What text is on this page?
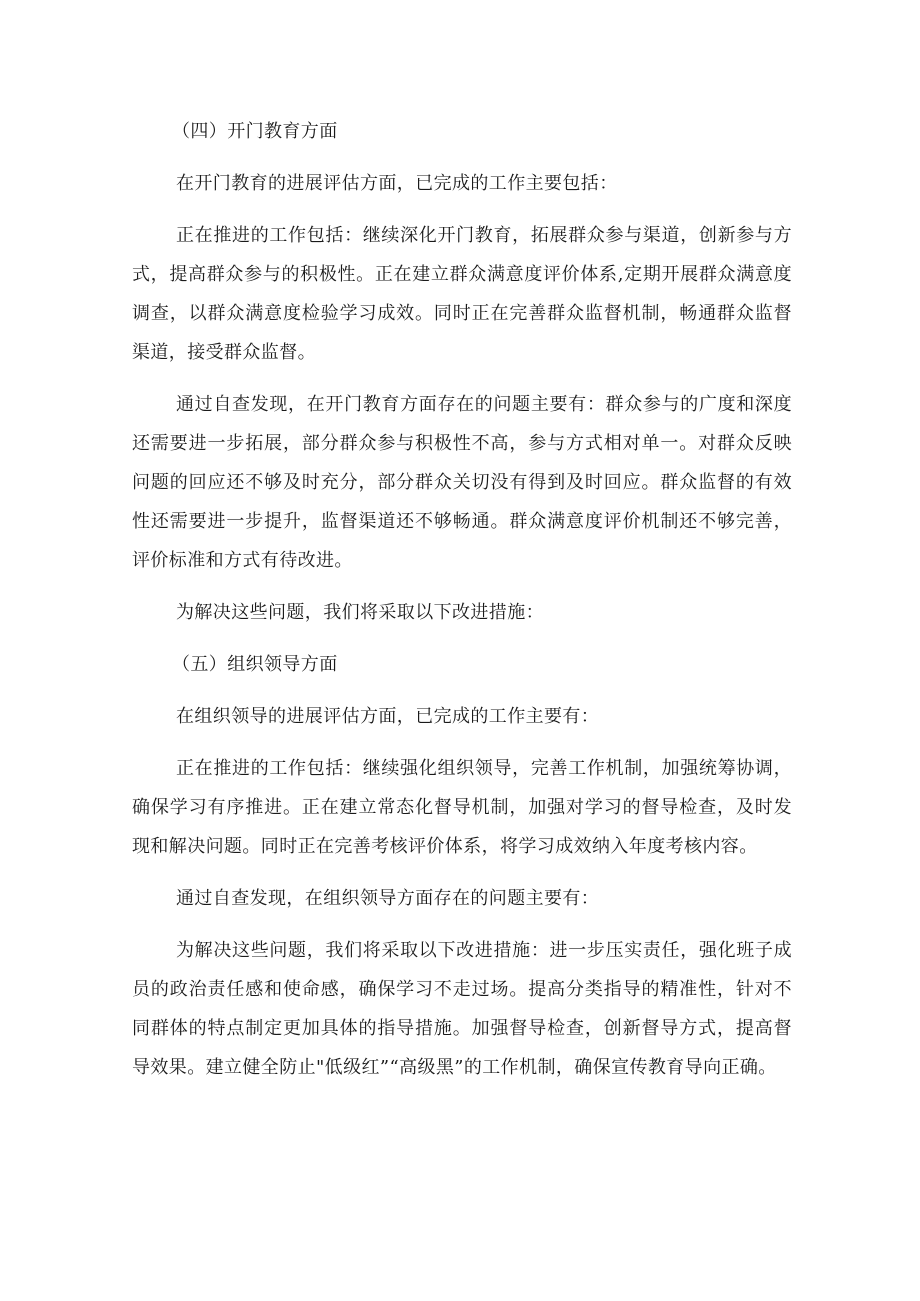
（四）开门教育方面

在开门教育的进展评估方面，已完成的工作主要包括：

正在推进的工作包括：继续深化开门教育，拓展群众参与渠道，创新参与方式，提高群众参与的积极性。正在建立群众满意度评价体系,定期开展群众满意度调查，以群众满意度检验学习成效。同时正在完善群众监督机制，畅通群众监督渠道，接受群众监督。

通过自查发现，在开门教育方面存在的问题主要有：群众参与的广度和深度还需要进一步拓展，部分群众参与积极性不高，参与方式相对单一。对群众反映问题的回应还不够及时充分，部分群众关切没有得到及时回应。群众监督的有效性还需要进一步提升，监督渠道还不够畅通。群众满意度评价机制还不够完善，评价标准和方式有待改进。

为解决这些问题，我们将采取以下改进措施：

（五）组织领导方面

在组织领导的进展评估方面，已完成的工作主要有：

正在推进的工作包括：继续强化组织领导，完善工作机制，加强统筹协调，确保学习有序推进。正在建立常态化督导机制，加强对学习的督导检查，及时发现和解决问题。同时正在完善考核评价体系，将学习成效纳入年度考核内容。

通过自查发现，在组织领导方面存在的问题主要有：

为解决这些问题，我们将采取以下改进措施：进一步压实责任，强化班子成员的政治责任感和使命感，确保学习不走过场。提高分类指导的精准性，针对不同群体的特点制定更加具体的指导措施。加强督导检查，创新督导方式，提高督导效果。建立健全防止"低级红”“高级黑”的工作机制，确保宣传教育导向正确。
